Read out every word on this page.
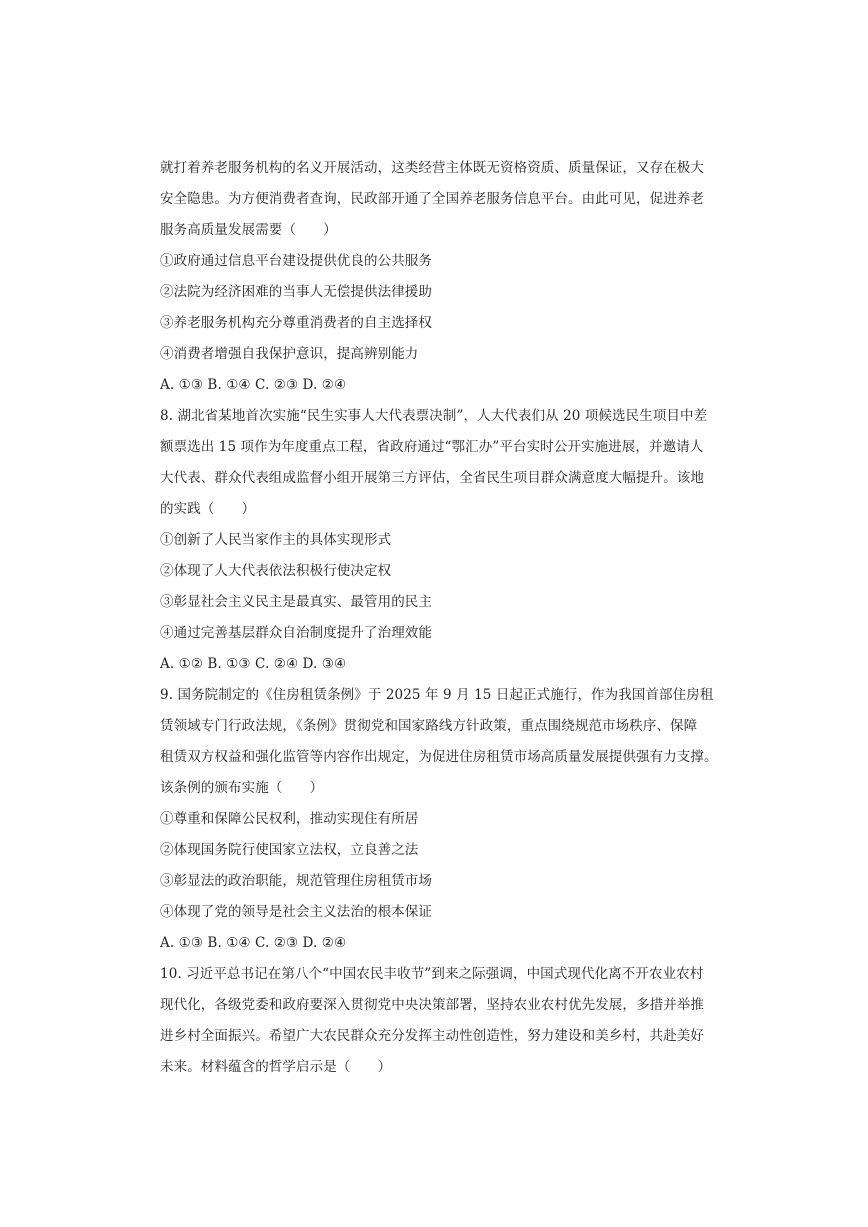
就打着养老服务机构的名义开展活动，这类经营主体既无资格资质、质量保证，又存在极大
安全隐患。为方便消费者查询，民政部开通了全国养老服务信息平台。由此可见，促进养老
服务高质量发展需要（　　）
①政府通过信息平台建设提供优良的公共服务
②法院为经济困难的当事人无偿提供法律援助
③养老服务机构充分尊重消费者的自主选择权
④消费者增强自我保护意识，提高辨别能力
A. ①③ B. ①④ C. ②③ D. ②④
8. 湖北省某地首次实施“民生实事人大代表票决制”，人大代表们从 20 项候选民生项目中差
额票选出 15 项作为年度重点工程，省政府通过“鄂汇办”平台实时公开实施进展，并邀请人
大代表、群众代表组成监督小组开展第三方评估，全省民生项目群众满意度大幅提升。该地
的实践（　　）
①创新了人民当家作主的具体实现形式
②体现了人大代表依法积极行使决定权
③彰显社会主义民主是最真实、最管用的民主
④通过完善基层群众自治制度提升了治理效能
A. ①② B. ①③ C. ②④ D. ③④
9. 国务院制定的《住房租赁条例》于 2025 年 9 月 15 日起正式施行，作为我国首部住房租
赁领域专门行政法规，《条例》贯彻党和国家路线方针政策，重点围绕规范市场秩序、保障
租赁双方权益和强化监管等内容作出规定，为促进住房租赁市场高质量发展提供强有力支撑。
该条例的颁布实施（　　）
①尊重和保障公民权利，推动实现住有所居
②体现国务院行使国家立法权，立良善之法
③彰显法的政治职能，规范管理住房租赁市场
④体现了党的领导是社会主义法治的根本保证
A. ①③ B. ①④ C. ②③ D. ②④
10. 习近平总书记在第八个“中国农民丰收节”到来之际强调，中国式现代化离不开农业农村
现代化，各级党委和政府要深入贯彻党中央决策部署，坚持农业农村优先发展，多措并举推
进乡村全面振兴。希望广大农民群众充分发挥主动性创造性，努力建设和美乡村，共赴美好
未来。材料蕴含的哲学启示是（　　）
